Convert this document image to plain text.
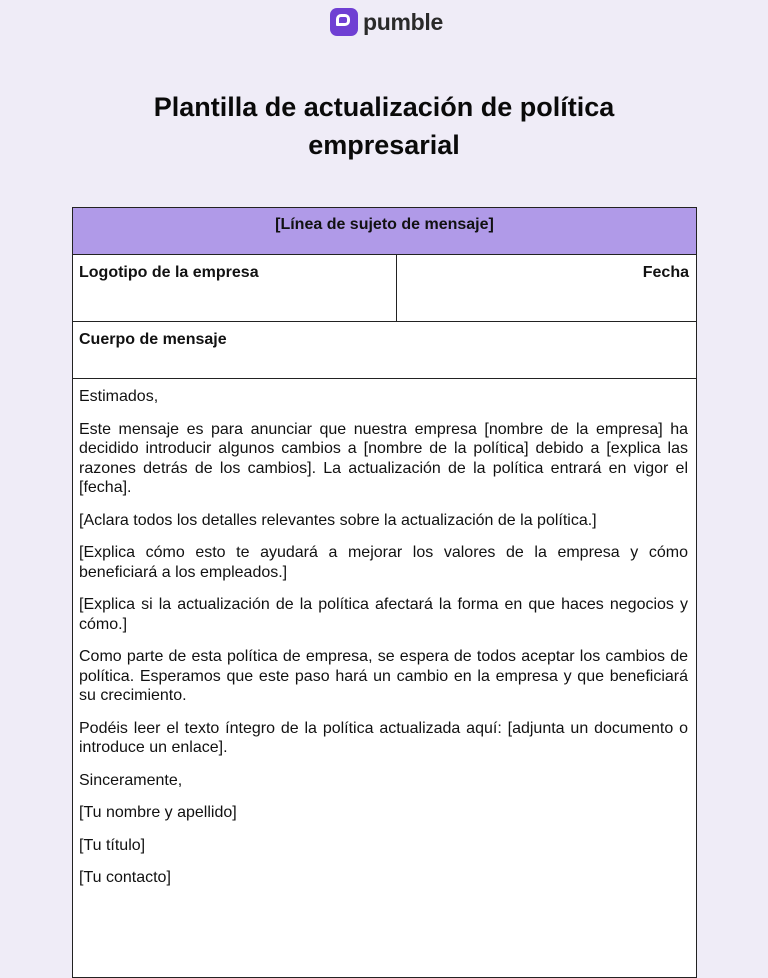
pumble
Plantilla de actualización de política empresarial
[Línea de sujeto de mensaje]
Logotipo de la empresa	Fecha
Cuerpo de mensaje

Estimados,

Este mensaje es para anunciar que nuestra empresa [nombre de la empresa] ha decidido introducir algunos cambios a [nombre de la política] debido a [explica las razones detrás de los cambios]. La actualización de la política entrará en vigor el [fecha].

[Aclara todos los detalles relevantes sobre la actualización de la política.]

[Explica cómo esto te ayudará a mejorar los valores de la empresa y cómo beneficiará a los empleados.]

[Explica si la actualización de la política afectará la forma en que haces negocios y cómo.]

Como parte de esta política de empresa, se espera de todos aceptar los cambios de política. Esperamos que este paso hará un cambio en la empresa y que beneficiará su crecimiento.

Podéis leer el texto íntegro de la política actualizada aquí: [adjunta un documento o introduce un enlace].

Sinceramente,

[Tu nombre y apellido]

[Tu título]

[Tu contacto]
